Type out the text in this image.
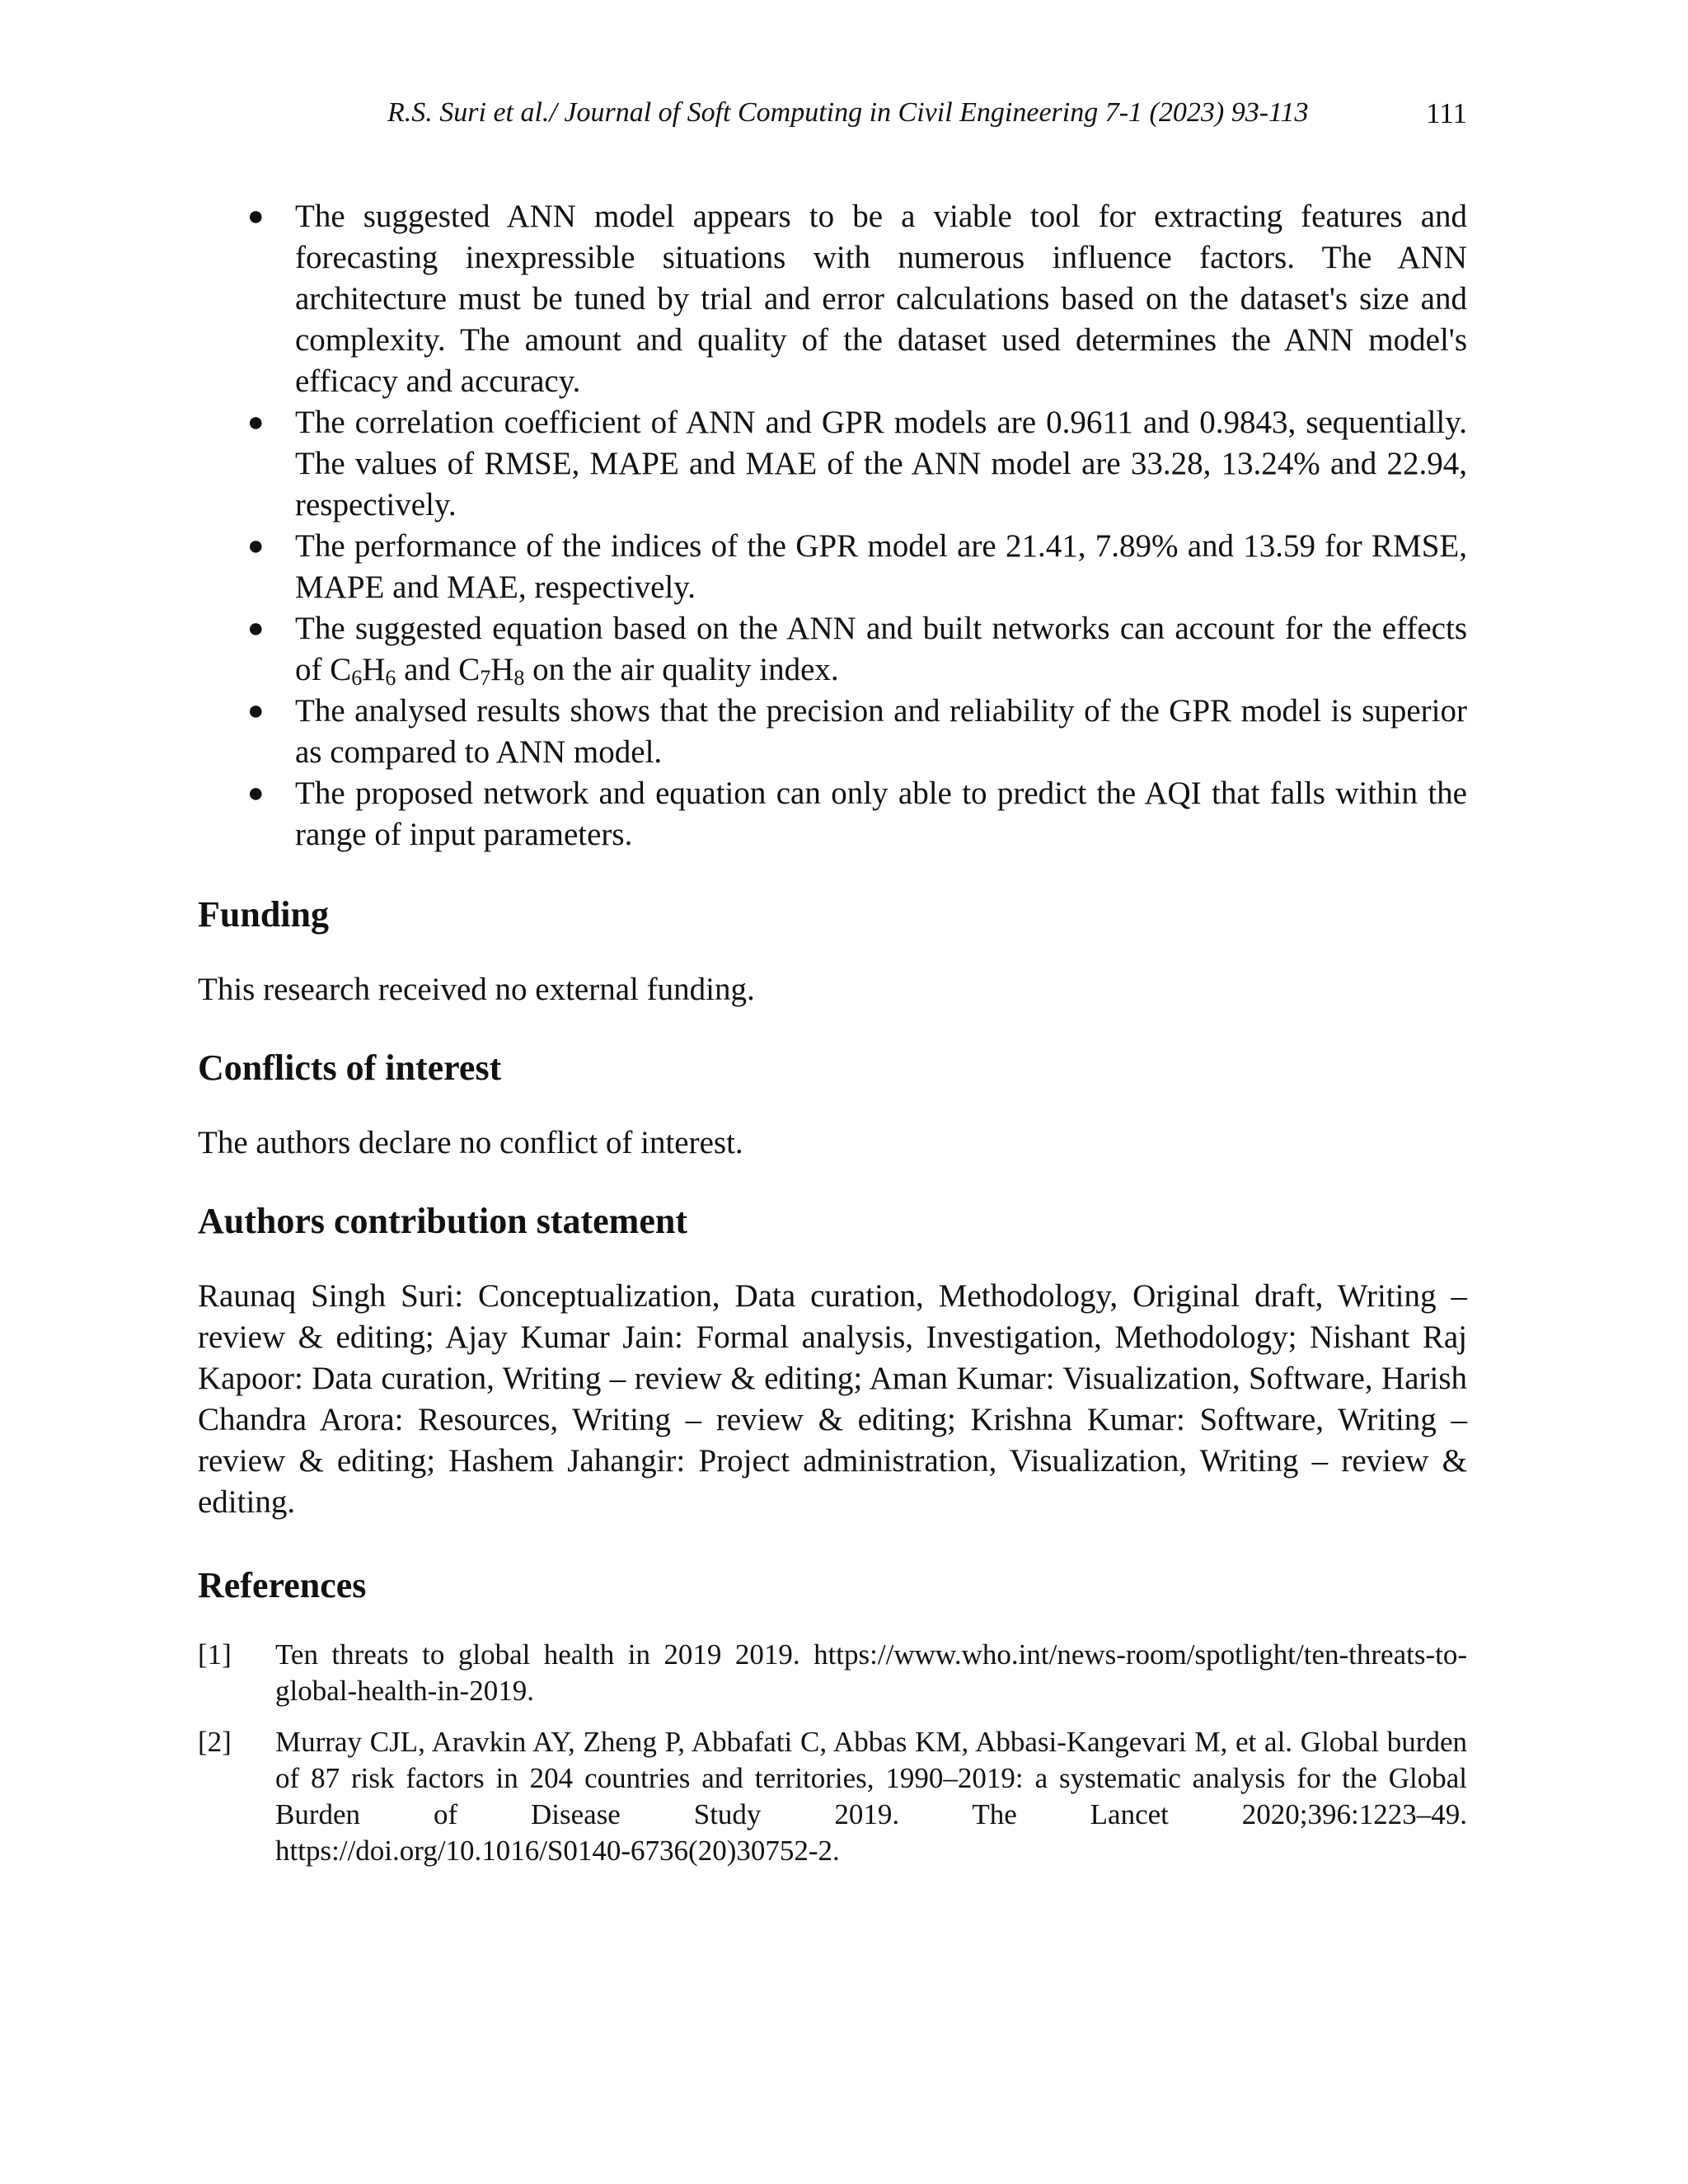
R.S. Suri et al./ Journal of Soft Computing in Civil Engineering 7-1 (2023) 93-113	111
● The suggested ANN model appears to be a viable tool for extracting features and forecasting inexpressible situations with numerous influence factors. The ANN architecture must be tuned by trial and error calculations based on the dataset's size and complexity. The amount and quality of the dataset used determines the ANN model's efficacy and accuracy.
● The correlation coefficient of ANN and GPR models are 0.9611 and 0.9843, sequentially. The values of RMSE, MAPE and MAE of the ANN model are 33.28, 13.24% and 22.94, respectively.
● The performance of the indices of the GPR model are 21.41, 7.89% and 13.59 for RMSE, MAPE and MAE, respectively.
● The suggested equation based on the ANN and built networks can account for the effects of $C_6H_6$ and $C_7H_8$ on the air quality index.
● The analysed results shows that the precision and reliability of the GPR model is superior as compared to ANN model.
● The proposed network and equation can only able to predict the AQI that falls within the range of input parameters.
Funding

This research received no external funding.

Conflicts of interest

The authors declare no conflict of interest.

Authors contribution statement

Raunaq Singh Suri: Conceptualization, Data curation, Methodology, Original draft, Writing – review & editing; Ajay Kumar Jain: Formal analysis, Investigation, Methodology; Nishant Raj Kapoor: Data curation, Writing – review & editing; Aman Kumar: Visualization, Software, Harish Chandra Arora: Resources, Writing – review & editing; Krishna Kumar: Software, Writing – review & editing; Hashem Jahangir: Project administration, Visualization, Writing – review & editing.

References
[1] Ten threats to global health in 2019 2019. https://www.who.int/news-room/spotlight/ten-threats-to-global-health-in-2019.
[2] Murray CJL, Aravkin AY, Zheng P, Abbafati C, Abbas KM, Abbasi-Kangevari M, et al. Global burden of 87 risk factors in 204 countries and territories, 1990–2019: a systematic analysis for the Global Burden of Disease Study 2019. The Lancet 2020;396:1223–49.
https://doi.org/10.1016/S0140-6736(20)30752-2.
